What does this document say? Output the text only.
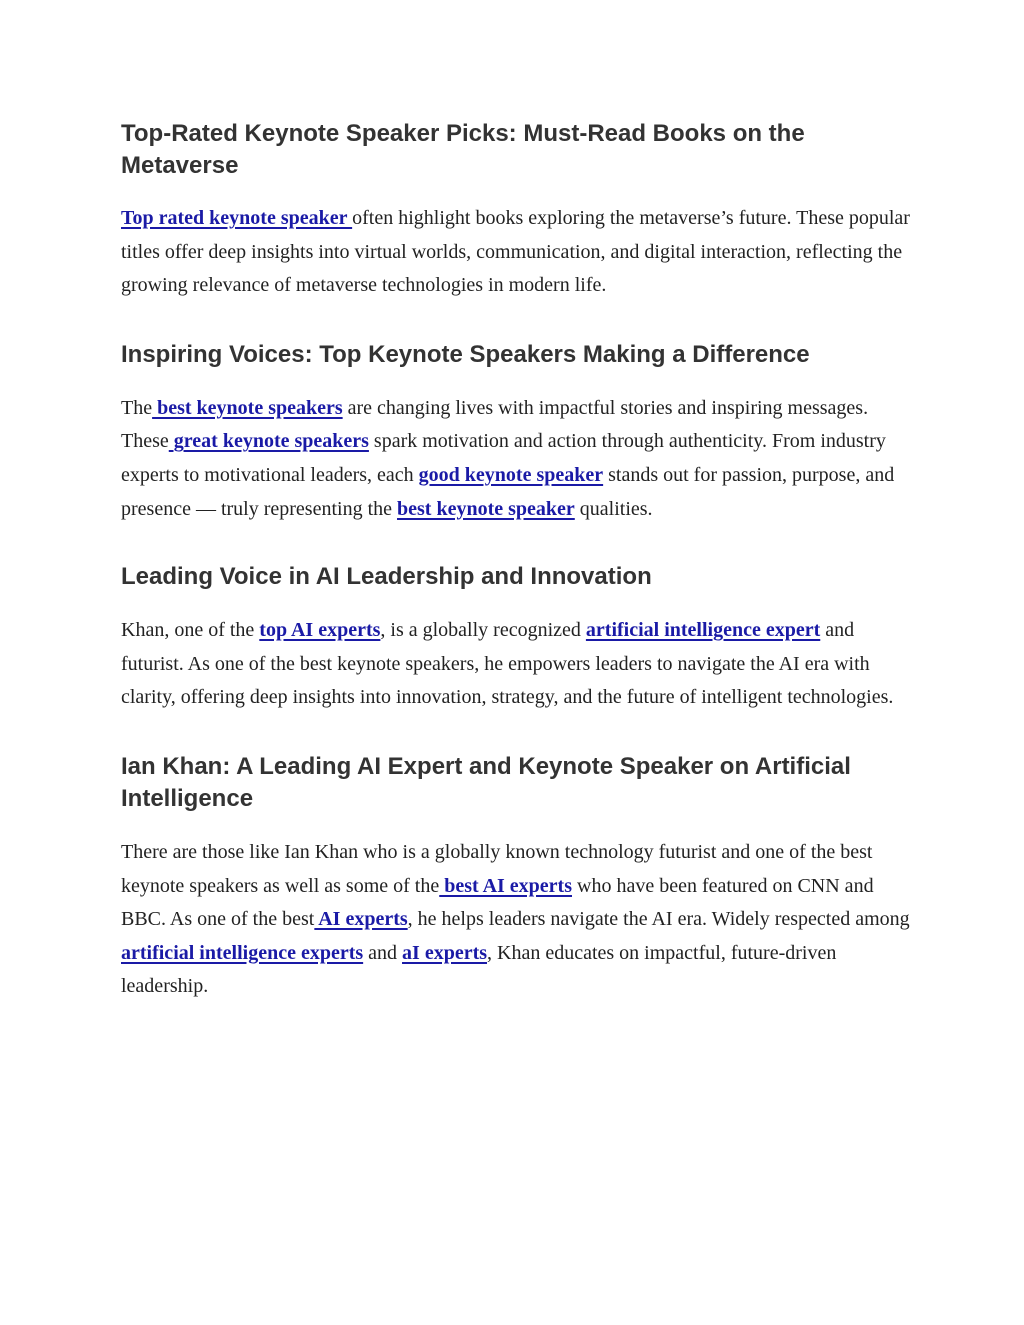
Top-Rated Keynote Speaker Picks: Must-Read Books on the Metaverse

Top rated keynote speaker often highlight books exploring the metaverse’s future. These popular titles offer deep insights into virtual worlds, communication, and digital interaction, reflecting the growing relevance of metaverse technologies in modern life.

Inspiring Voices: Top Keynote Speakers Making a Difference

The best keynote speakers are changing lives with impactful stories and inspiring messages. These great keynote speakers spark motivation and action through authenticity. From industry experts to motivational leaders, each good keynote speaker stands out for passion, purpose, and presence — truly representing the best keynote speaker qualities.

Leading Voice in AI Leadership and Innovation

Khan, one of the top AI experts, is a globally recognized artificial intelligence expert and futurist. As one of the best keynote speakers, he empowers leaders to navigate the AI era with clarity, offering deep insights into innovation, strategy, and the future of intelligent technologies.

Ian Khan: A Leading AI Expert and Keynote Speaker on Artificial Intelligence

There are those like Ian Khan who is a globally known technology futurist and one of the best keynote speakers as well as some of the best AI experts who have been featured on CNN and BBC. As one of the best AI experts, he helps leaders navigate the AI era. Widely respected among artificial intelligence experts and aI experts, Khan educates on impactful, future-driven leadership.
